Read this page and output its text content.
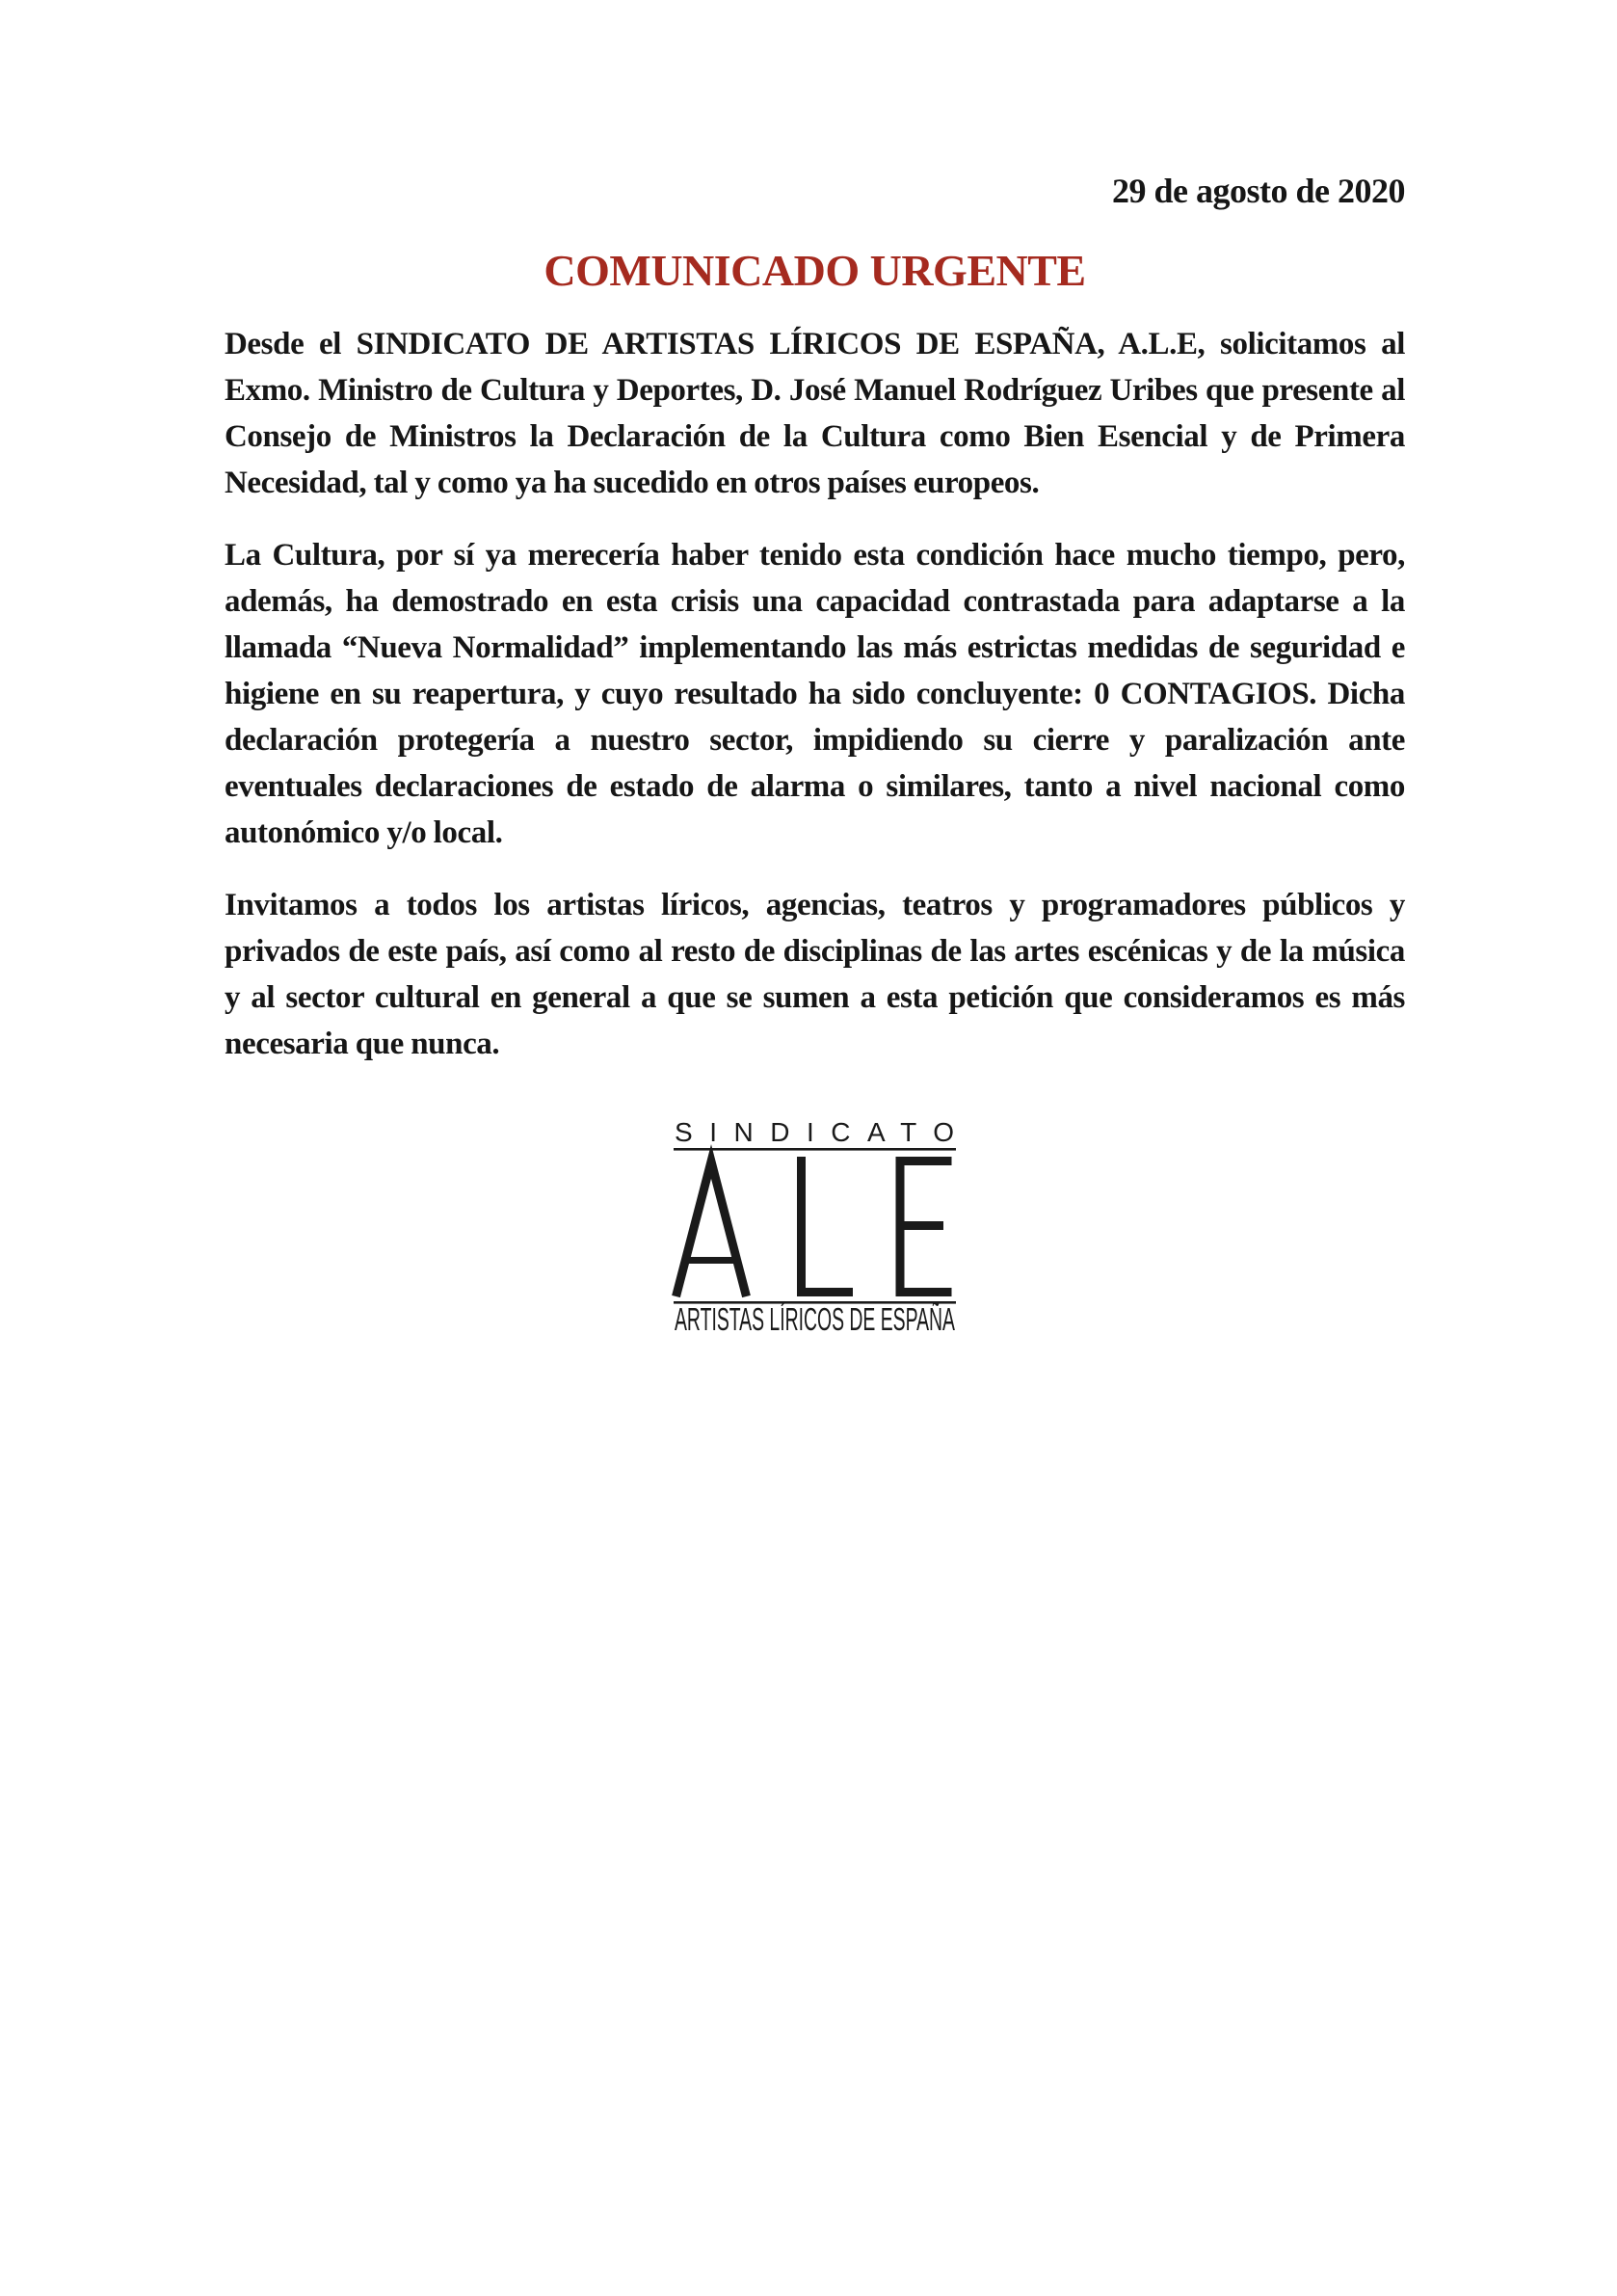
29 de agosto de 2020

COMUNICADO URGENTE

Desde el SINDICATO DE ARTISTAS LÍRICOS DE ESPAÑA, A.L.E, solicitamos al Exmo. Ministro de Cultura y Deportes, D. José Manuel Rodríguez Uribes que presente al Consejo de Ministros la Declaración de la Cultura como Bien Esencial y de Primera Necesidad, tal y como ya ha sucedido en otros países europeos.

La Cultura, por sí ya merecería haber tenido esta condición hace mucho tiempo, pero, además, ha demostrado en esta crisis una capacidad contrastada para adaptarse a la llamada “Nueva Normalidad” implementando las más estrictas medidas de seguridad e higiene en su reapertura, y cuyo resultado ha sido concluyente: 0 CONTAGIOS. Dicha declaración protegería a nuestro sector, impidiendo su cierre y paralización ante eventuales declaraciones de estado de alarma o similares, tanto a nivel nacional como autonómico y/o local.

Invitamos a todos los artistas líricos, agencias, teatros y programadores públicos y privados de este país, así como al resto de disciplinas de las artes escénicas y de la música y al sector cultural en general a que se sumen a esta petición que consideramos es más necesaria que nunca.

SINDICATO
ARTISTAS LÍRICOS DE ESPAÑA
